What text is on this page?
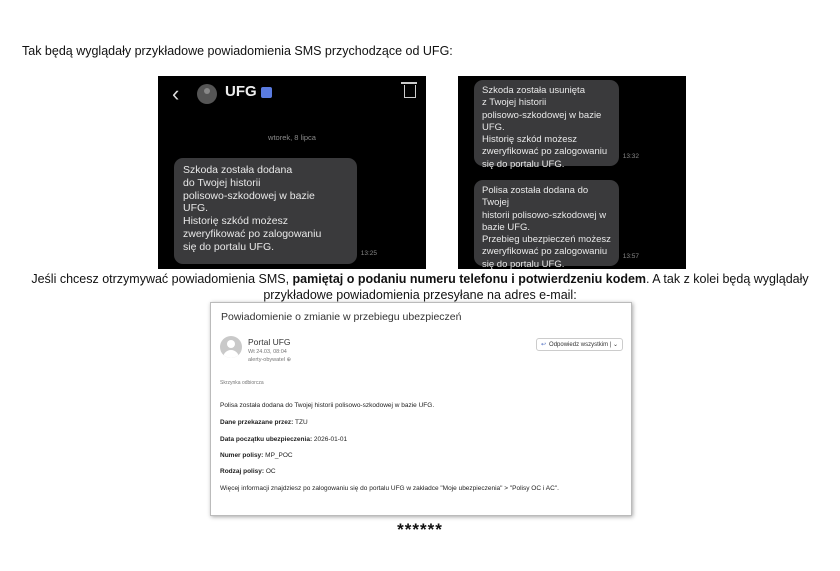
Tak będą wyglądały przykładowe powiadomienia SMS przychodzące od UFG:
‹	UFG
wtorek, 8 lipca
Szkoda została dodana
do Twojej historii
polisowo-szkodowej w bazie
UFG.
Historię szkód możesz
zweryfikować po zalogowaniu
się do portalu UFG.
13:25
Szkoda została usunięta
z Twojej historii
polisowo-szkodowej w bazie
UFG.
Historię szkód możesz
zweryfikować po zalogowaniu
się do portalu UFG.
13:32
Polisa została dodana do Twojej
historii polisowo-szkodowej w
bazie UFG.
Przebieg ubezpieczeń możesz
zweryfikować po zalogowaniu
się do portalu UFG.
13:57
Jeśli chcesz otrzymywać powiadomienia SMS, pamiętaj o podaniu numeru telefonu i potwierdzeniu kodem. A tak z kolei będą wyglądały
przykładowe powiadomienia przesyłane na adres e-mail:
Powiadomienie o zmianie w przebiegu ubezpieczeń
Portal UFG
Wt 24.03, 08:04
alerty-obywatel ⊕
↩ Odpowiedz wszystkim | ⌄
Skrzynka odbiorcza
Polisa została dodana do Twojej historii polisowo-szkodowej w bazie UFG.
Dane przekazane przez: TZU
Data początku ubezpieczenia: 2026-01-01
Numer polisy: MP_POC
Rodzaj polisy: OC
Więcej informacji znajdziesz po zalogowaniu się do portalu UFG w zakładce "Moje ubezpieczenia" > "Polisy OC i AC".
******
